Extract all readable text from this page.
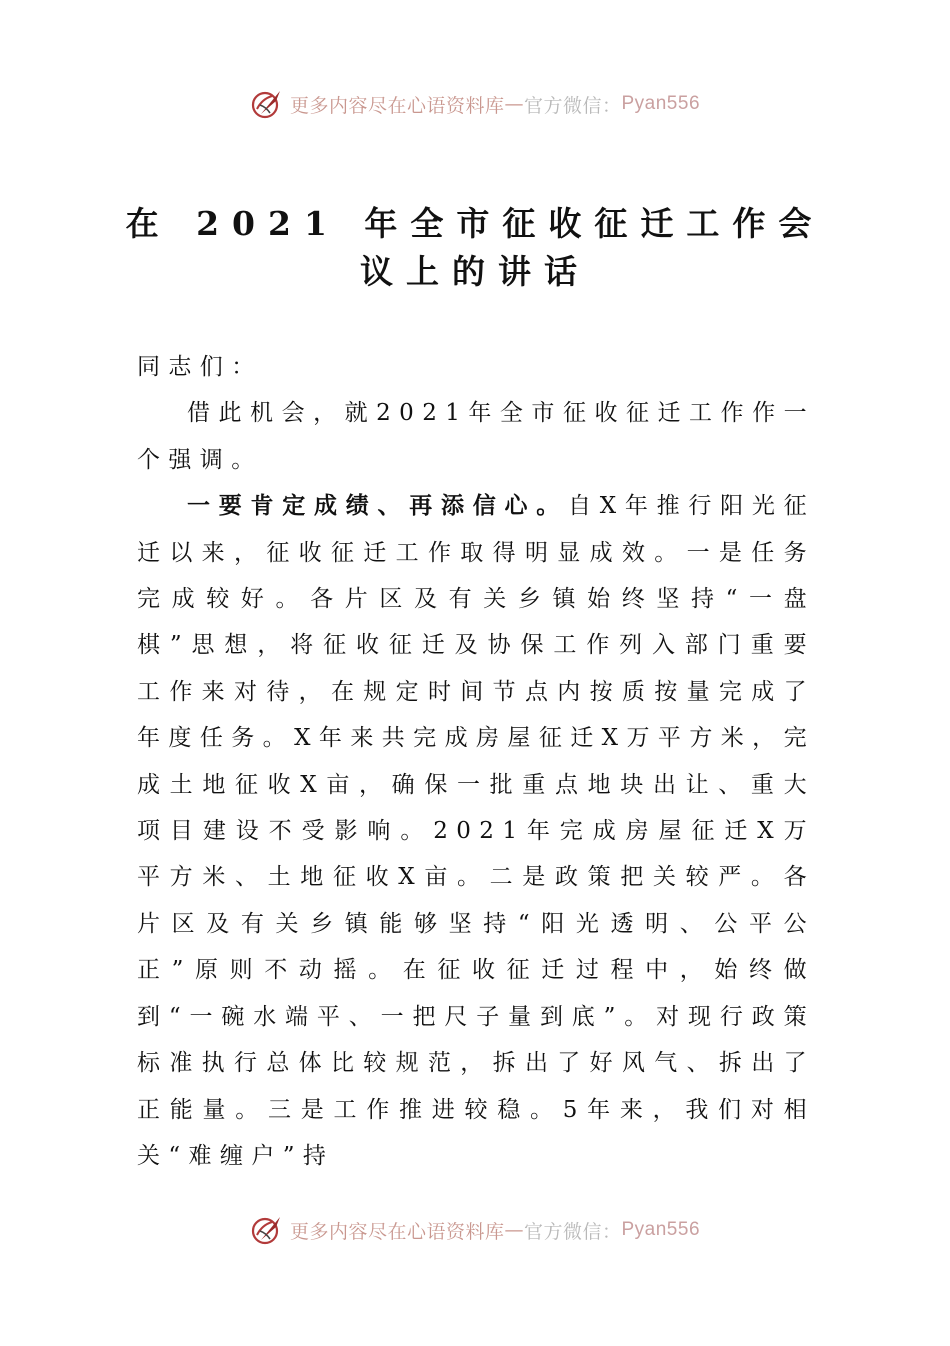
更多内容尽在心语资料库 — 官方微信： Pyan556
在 2021 年全市征收征迁工作会
议上的讲话

同志们：

借此机会，就2021年全市征收征迁工作作一个强调。

一要肯定成绩、再添信心。自X年推行阳光征迁以来，征收征迁工作取得明显成效。一是任务完成较好。各片区及有关乡镇始终坚持“一盘棋”思想，将征收征迁及协保工作列入部门重要工作来对待，在规定时间节点内按质按量完成了年度任务。X年来共完成房屋征迁X万平方米，完成土地征收X亩，确保一批重点地块出让、重大项目建设不受影响。2021年完成房屋征迁X万平方米、土地征收X亩。二是政策把关较严。各片区及有关乡镇能够坚持“阳光透明、公平公正”原则不动摇。在征收征迁过程中，始终做到“一碗水端平、一把尺子量到底”。对现行政策标准执行总体比较规范，拆出了好风气、拆出了正能量。三是工作推进较稳。5年来，我们对相关“难缠户”持

更多内容尽在心语资料库 — 官方微信： Pyan556
